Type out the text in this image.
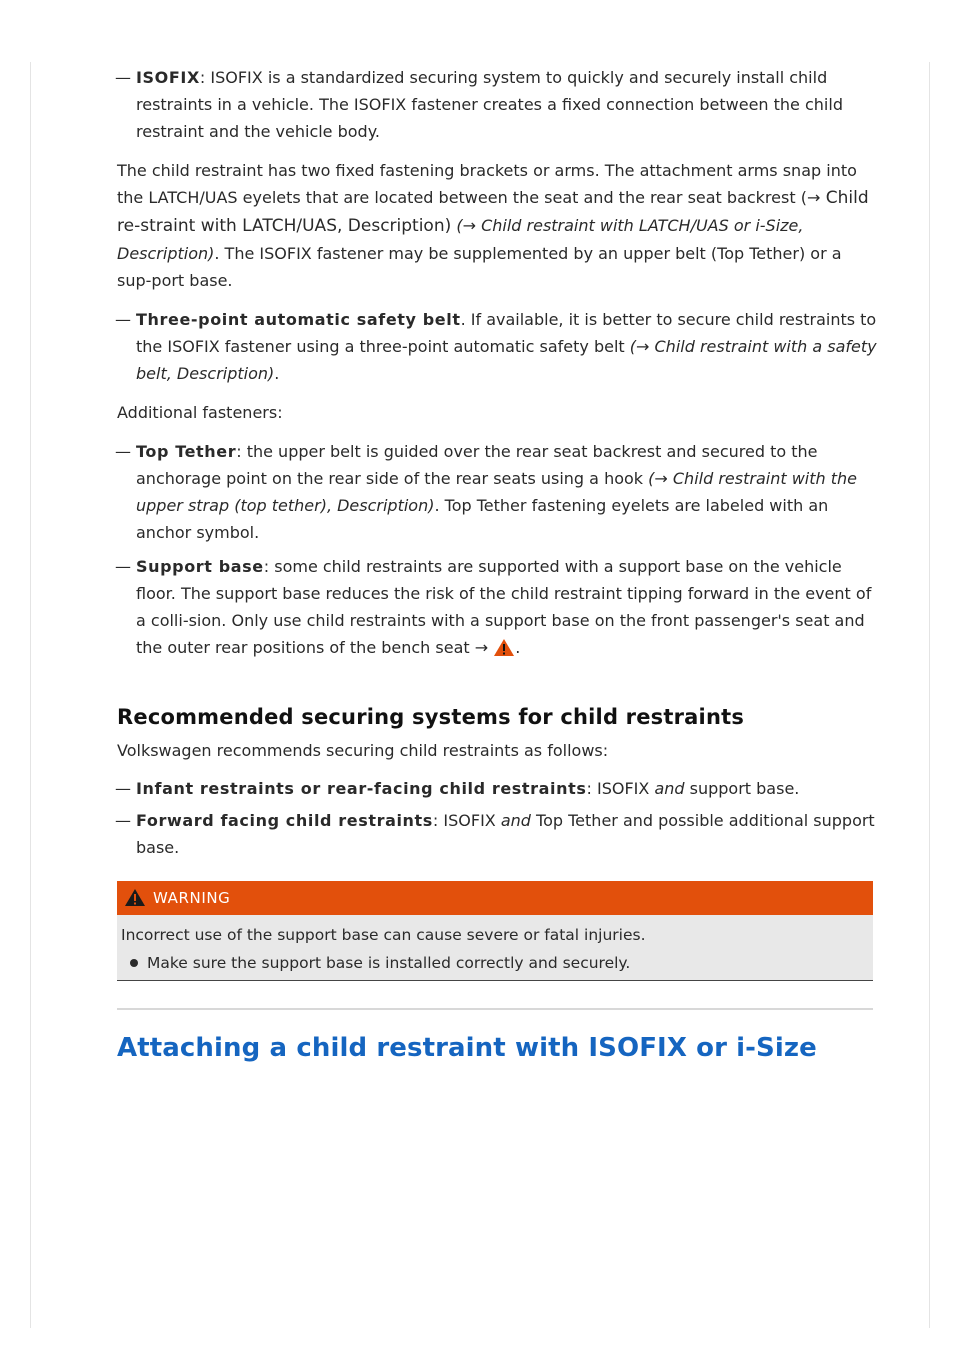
— ISOFIX: ISOFIX is a standardized securing system to quickly and securely install child restraints in a vehicle. The ISOFIX fastener creates a fixed connection between the child restraint and the vehicle body.

The child restraint has two fixed fastening brackets or arms. The attachment arms snap into the LATCH/UAS eyelets that are located between the seat and the rear seat backrest (→ Child re-straint with LATCH/UAS, Description) (→ Child restraint with LATCH/UAS or i-Size, Description). The ISOFIX fastener may be supplemented by an upper belt (Top Tether) or a sup-port base.

— Three-point automatic safety belt. If available, it is better to secure child restraints to the ISOFIX fastener using a three-point automatic safety belt (→ Child restraint with a safety belt, Description).

Additional fasteners:

— Top Tether: the upper belt is guided over the rear seat backrest and secured to the anchorage point on the rear side of the rear seats using a hook (→ Child restraint with the upper strap (top tether), Description). Top Tether fastening eyelets are labeled with an anchor symbol.
— Support base: some child restraints are supported with a support base on the vehicle floor. The support base reduces the risk of the child restraint tipping forward in the event of a colli-sion. Only use child restraints with a support base on the front passenger's seat and the outer rear positions of the bench seat → .
Recommended securing systems for child restraints

Volkswagen recommends securing child restraints as follows:

— Infant restraints or rear-facing child restraints: ISOFIX and support base.
— Forward facing child restraints: ISOFIX and Top Tether and possible additional support base.
WARNING

Incorrect use of the support base can cause severe or fatal injuries.

Make sure the support base is installed correctly and securely.

Attaching a child restraint with ISOFIX or i-Size
